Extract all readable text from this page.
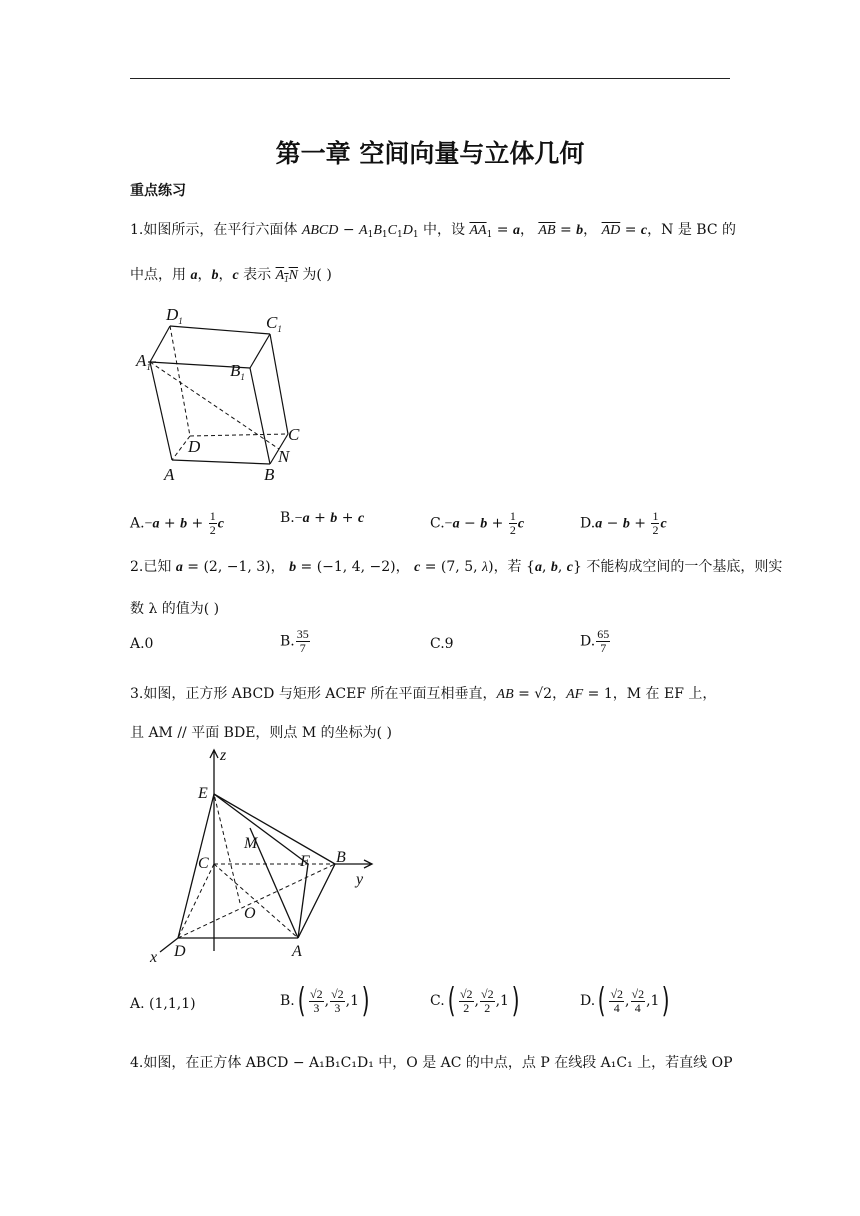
第一章 空间向量与立体几何
重点练习
1.如图所示，在平行六面体 ABCD − $A_1B_1C_1D_1$ 中，设 $\overline{AA}_1 = a$， $\overline{AB} = b$， $\overline{AD} = c$，N 是 BC 的
中点，用 a，b，c 表示 $A_1N$ 为( )
$D_1$	$C_1$
$A_1$	$B_1$
D
C
A
N
B
$A.-a + b + \frac{1}{2}$ c	B.−a + b + c	$C.-a - b + \frac{1}{2}$ c	$D.a - b + \frac{1}{2}$ c
2.已知 a = (2, −1, 3)， b = (−1, 4, −2)， c = (7, 5, λ)，若 {a, b, c} 不能构成空间的一个基底，则实
数 λ 的值为( )
A.0	B. $\frac{35}{7}$	C.9	D. $\frac{65}{7}$
3.如图，正方形 ABCD 与矩形 ACEF 所在平面互相垂直，AB = √2，AF = 1，M 在 EF 上，
且 AM // 平面 BDE，则点 M 的坐标为( )
z
E
M
C	F B
y
O
x D	A
A. (1,1,1)	$B.( \frac{√2}{3}$ , $\frac{√2}{3} ,1$)	$C.( \frac{√2}{2}$ , $\frac{√2}{2} ,1$)	$D.( \frac{√2}{4}$ , $\frac{√2}{4} ,1$)
4.如图，在正方体 ABCD − A₁B₁C₁D₁ 中，O 是 AC 的中点，点 P 在线段 A₁C₁ 上，若直线 OP
